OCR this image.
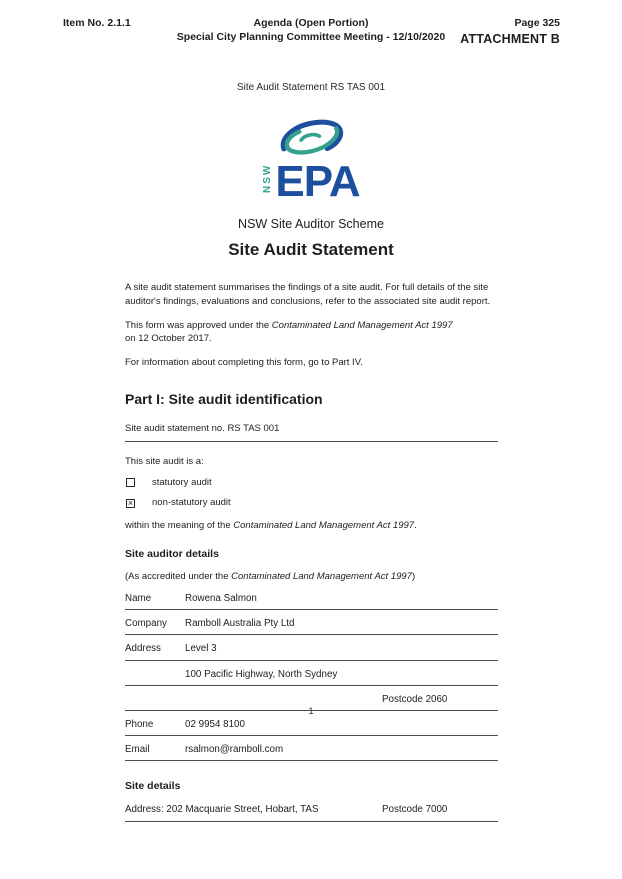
Item No. 2.1.1	Agenda (Open Portion)
Special City Planning Committee Meeting - 12/10/2020
Page 325
ATTACHMENT B
Site Audit Statement RS TAS 001
NSW EPA
NSW Site Auditor Scheme
Site Audit Statement
A site audit statement summarises the findings of a site audit. For full details of the site
auditor's findings, evaluations and conclusions, refer to the associated site audit report.
This form was approved under the Contaminated Land Management Act 1997
on 12 October 2017.
For information about completing this form, go to Part IV.
Part I: Site audit identification
Site audit statement no. RS TAS 001
This site audit is a:
statutory audit
× non-statutory audit
within the meaning of the Contaminated Land Management Act 1997.
Site auditor details
(As accredited under the Contaminated Land Management Act 1997)
Name	Rowena Salmon
Company	Ramboll Australia Pty Ltd
Address	Level 3
100 Pacific Highway, North Sydney
Postcode 2060
Phone	02 9954 8100
Email	rsalmon@ramboll.com
Site details
Address: 202 Macquarie Street, Hobart, TAS	Postcode 7000
1
